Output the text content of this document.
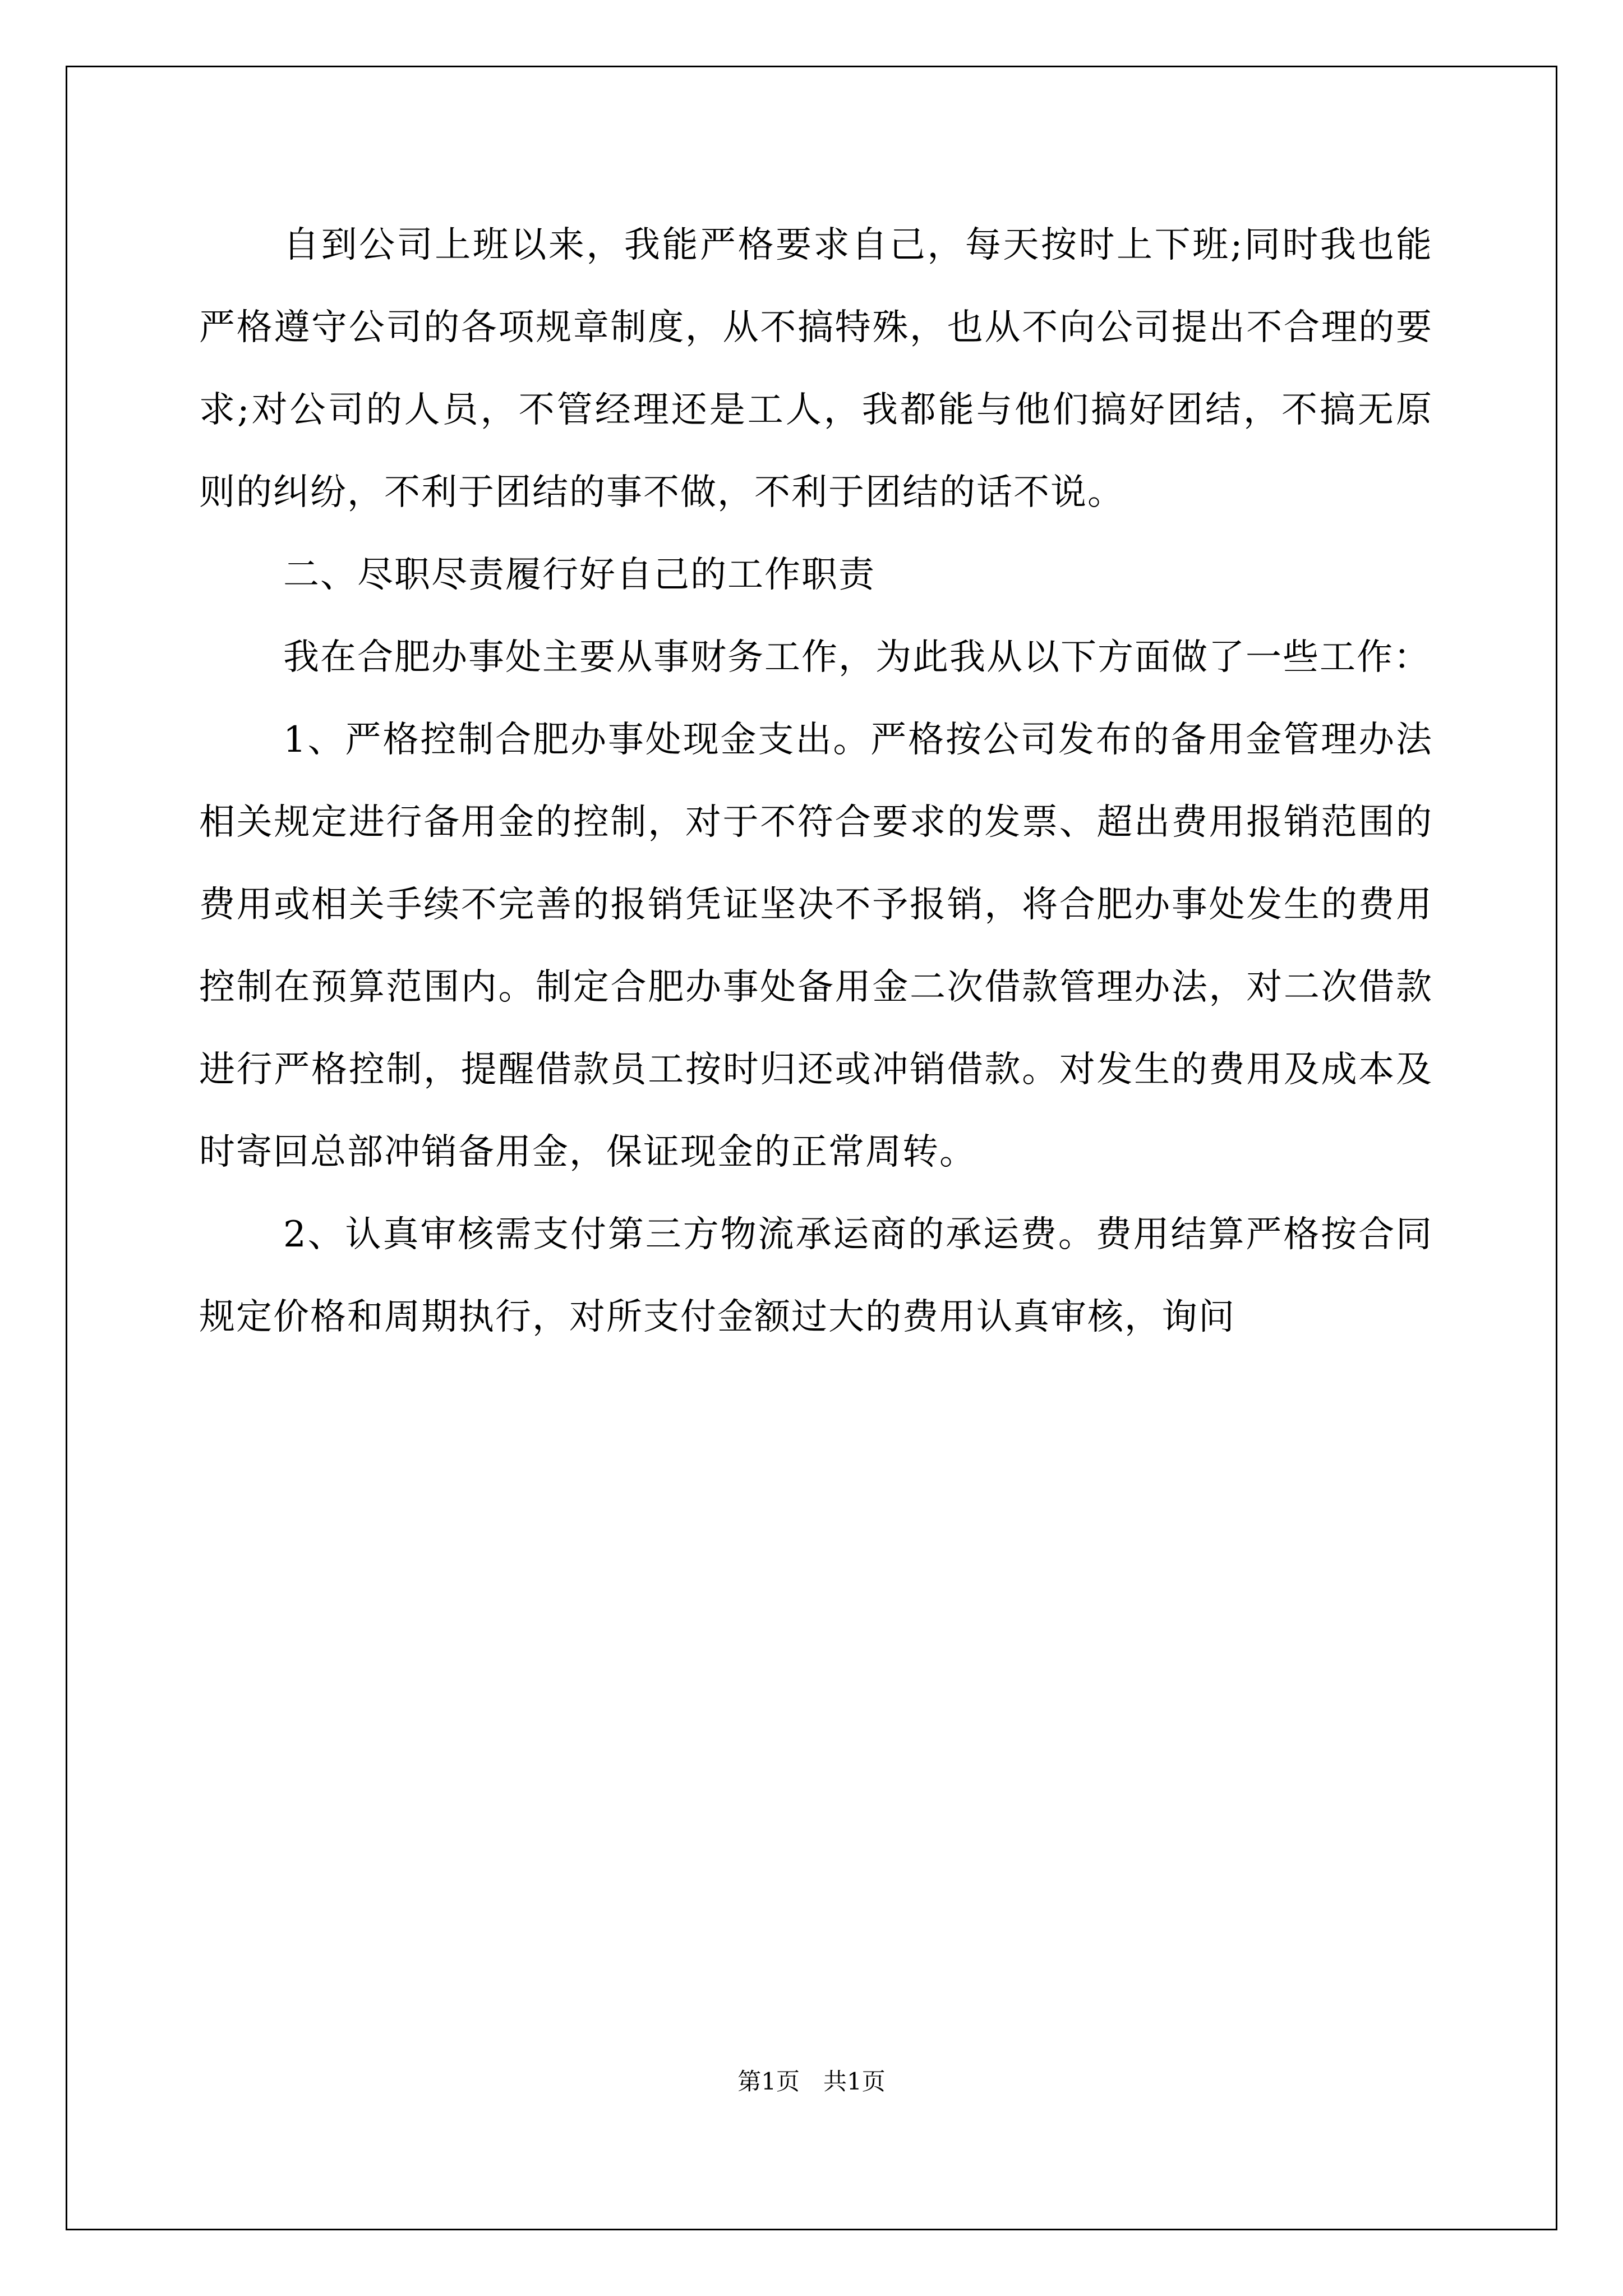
自到公司上班以来，我能严格要求自己，每天按时上下班;同时我也能严格遵守公司的各项规章制度，从不搞特殊，也从不向公司提出不合理的要求;对公司的人员，不管经理还是工人，我都能与他们搞好团结，不搞无原则的纠纷，不利于团结的事不做，不利于团结的话不说。

二、尽职尽责履行好自己的工作职责

我在合肥办事处主要从事财务工作，为此我从以下方面做了一些工作：

1、严格控制合肥办事处现金支出。严格按公司发布的备用金管理办法相关规定进行备用金的控制，对于不符合要求的发票、超出费用报销范围的费用或相关手续不完善的报销凭证坚决不予报销，将合肥办事处发生的费用控制在预算范围内。制定合肥办事处备用金二次借款管理办法，对二次借款进行严格控制，提醒借款员工按时归还或冲销借款。对发生的费用及成本及时寄回总部冲销备用金，保证现金的正常周转。

2、认真审核需支付第三方物流承运商的承运费。费用结算严格按合同规定价格和周期执行，对所支付金额过大的费用认真审核，询问

第1页　共1页
